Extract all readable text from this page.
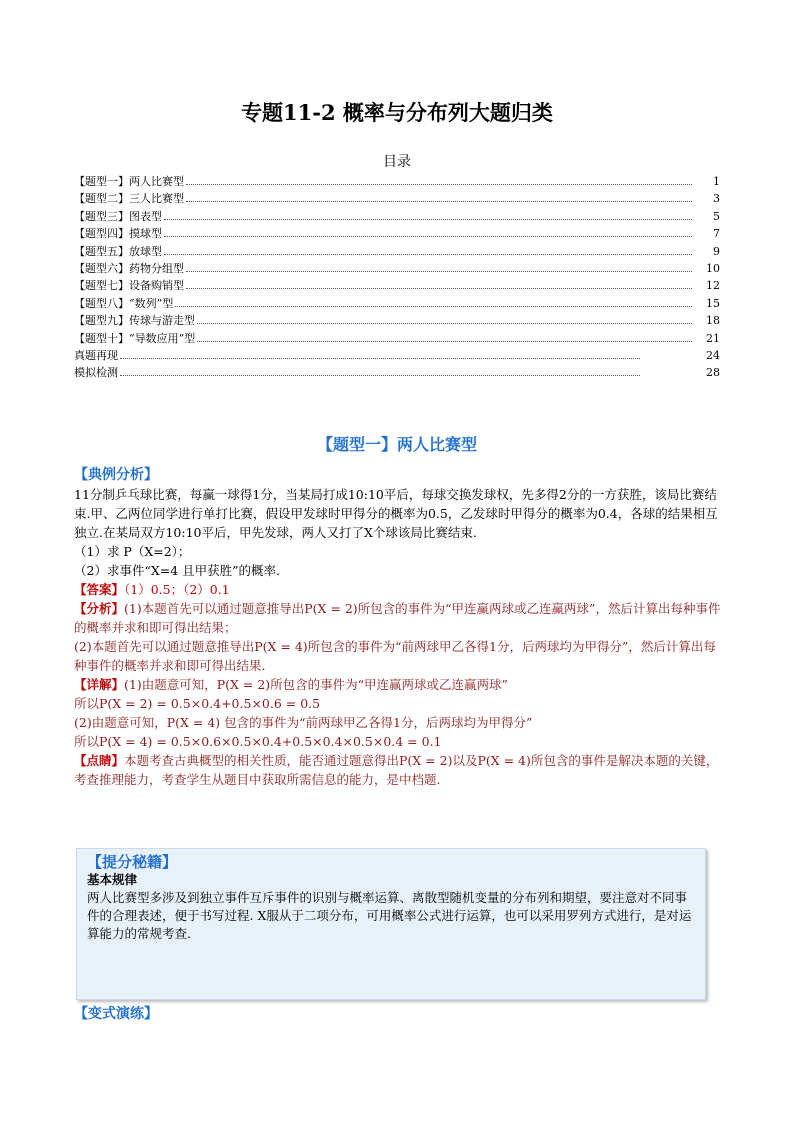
专题11-2 概率与分布列大题归类
目录
【题型一】两人比赛型	1
【题型二】三人比赛型	3
【题型三】图表型	5
【题型四】摸球型	7
【题型五】放球型	9
【题型六】药物分组型	10
【题型七】设备购销型	12
【题型八】“数列”型	15
【题型九】传球与游走型	18
【题型十】“导数应用”型	21
真题再现	24
模拟检测	28
【题型一】两人比赛型
【典例分析】

11分制乒乓球比赛，每赢一球得1分，当某局打成10:10平后，每球交换发球权，先多得2分的一方获胜，该局比赛结束.甲、乙两位同学进行单打比赛，假设甲发球时甲得分的概率为0.5，乙发球时甲得分的概率为0.4，各球的结果相互独立.在某局双方10:10平后，甲先发球，两人又打了X个球该局比赛结束.

（1）求 P（X=2）；

（2）求事件“X=4 且甲获胜”的概率.

【答案】（1）0.5；（2）0.1

【分析】(1)本题首先可以通过题意推导出P(X = 2)所包含的事件为“甲连赢两球或乙连赢两球”，然后计算出每种事件的概率并求和即可得出结果；

(2)本题首先可以通过题意推导出P(X = 4)所包含的事件为“前两球甲乙各得1分，后两球均为甲得分”，然后计算出每种事件的概率并求和即可得出结果.

【详解】(1)由题意可知，P(X = 2)所包含的事件为“甲连赢两球或乙连赢两球”

所以P(X = 2) = 0.5×0.4+0.5×0.6 = 0.5

(2)由题意可知，P(X = 4) 包含的事件为“前两球甲乙各得1分，后两球均为甲得分”

所以P(X = 4) = 0.5×0.6×0.5×0.4+0.5×0.4×0.5×0.4 = 0.1

【点睛】本题考查古典概型的相关性质，能否通过题意得出P(X = 2)以及P(X = 4)所包含的事件是解决本题的关键，考查推理能力，考查学生从题目中获取所需信息的能力，是中档题.

【提分秘籍】
基本规律
两人比赛型多涉及到独立事件互斥事件的识别与概率运算、离散型随机变量的分布列和期望，要注意对不同事件的合理表述，便于书写过程. X服从于二项分布，可用概率公式进行运算，也可以采用罗列方式进行，是对运算能力的常规考查.
【变式演练】
